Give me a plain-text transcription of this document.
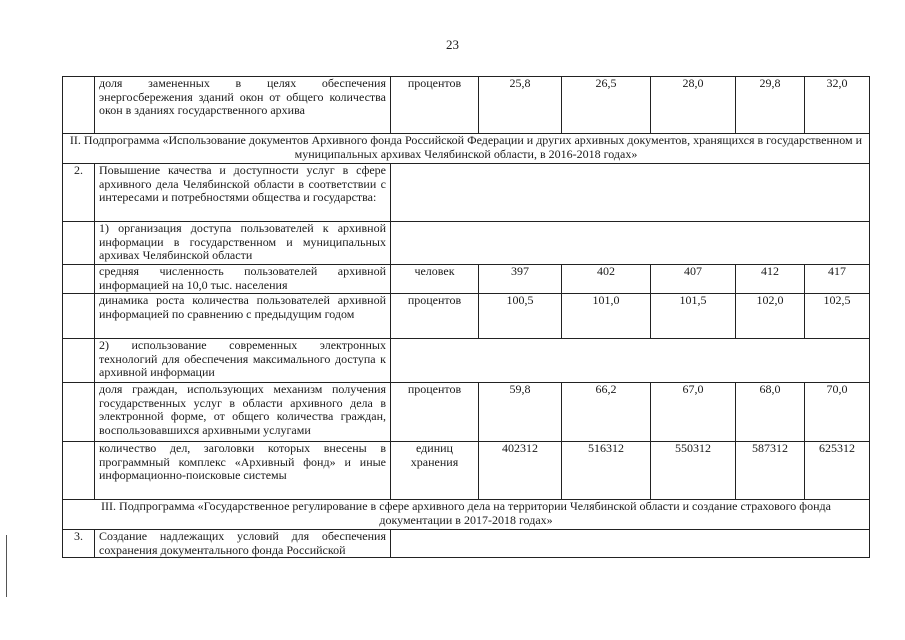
23
	доля замененных в целях обеспечения энергосбережения зданий окон от общего количества окон в зданиях государственного архива	процентов	25,8	26,5	28,0	29,8	32,0
II. Подпрограмма «Использование документов Архивного фонда Российской Федерации и других архивных документов, хранящихся в государственном и муниципальных архивах Челябинской области, в 2016-2018 годах»							
2.	Повышение качества и доступности услуг в сфере архивного дела Челябинской области в соответствии с интересами и потребностями общества и государства:						
	1) организация доступа пользователей к архивной информации в государственном и муниципальных архивах Челябинской области						
	средняя численность пользователей архивной информацией на 10,0 тыс. населения	человек	397	402	407	412	417
	динамика роста количества пользователей архивной информацией по сравнению с предыдущим годом	процентов	100,5	101,0	101,5	102,0	102,5
	2) использование современных электронных технологий для обеспечения максимального доступа к архивной информации						
	доля граждан, использующих механизм получения государственных услуг в области архивного дела в электронной форме, от общего количества граждан, воспользовавшихся архивными услугами	процентов	59,8	66,2	67,0	68,0	70,0
	количество дел, заголовки которых внесены в программный комплекс «Архивный фонд» и иные информационно-поисковые системы	единиц хранения	402312	516312	550312	587312	625312
III. Подпрограмма «Государственное регулирование в сфере архивного дела на территории Челябинской области и создание страхового фонда документации в 2017-2018 годах»							
3.	Создание надлежащих условий для обеспечения сохранения документального фонда Российской						
